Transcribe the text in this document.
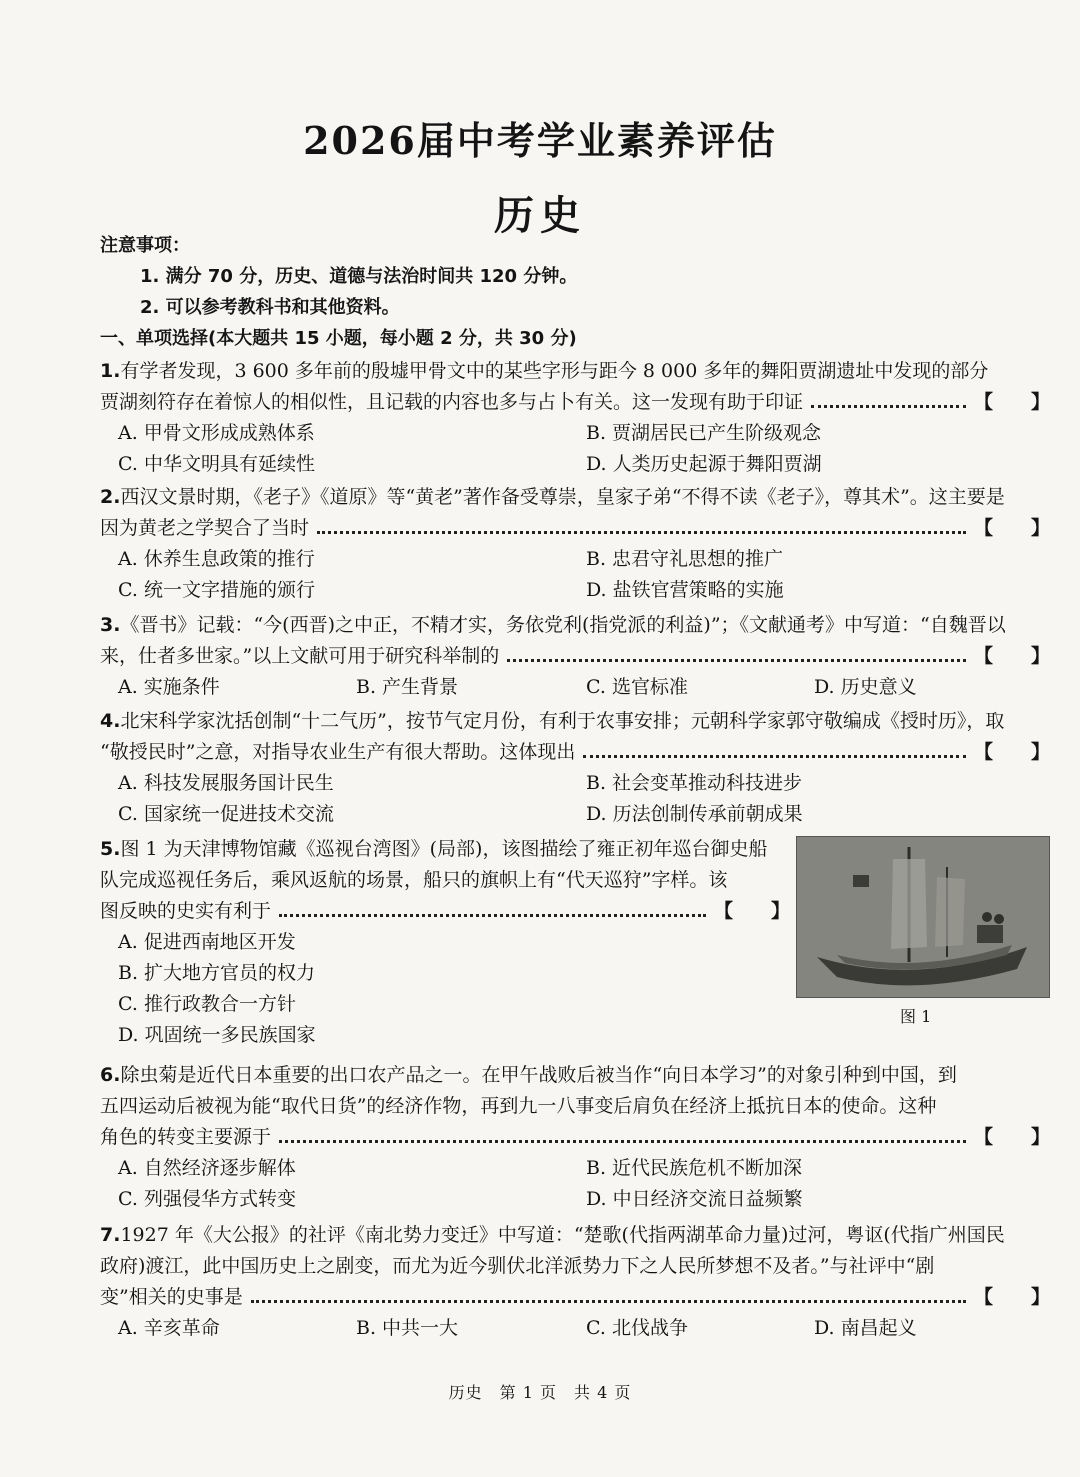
2026届中考学业素养评估
历史
注意事项：
1. 满分 70 分，历史、道德与法治时间共 120 分钟。
2. 可以参考教科书和其他资料。
一、单项选择(本大题共 15 小题，每小题 2 分，共 30 分)
1.有学者发现，3 600 多年前的殷墟甲骨文中的某些字形与距今 8 000 多年的舞阳贾湖遗址中发现的部分
贾湖刻符存在着惊人的相似性，且记载的内容也多与占卜有关。这一发现有助于印证	【　　】
A. 甲骨文形成成熟体系	B. 贾湖居民已产生阶级观念
C. 中华文明具有延续性	D. 人类历史起源于舞阳贾湖
2.西汉文景时期，《老子》《道原》等“黄老”著作备受尊崇，皇家子弟“不得不读《老子》，尊其术”。这主要是
因为黄老之学契合了当时	【　　】
A. 休养生息政策的推行	B. 忠君守礼思想的推广
C. 统一文字措施的颁行	D. 盐铁官营策略的实施
3.《晋书》记载：“今(西晋)之中正，不精才实，务依党利(指党派的利益)”；《文献通考》中写道：“自魏晋以
来，仕者多世家。”以上文献可用于研究科举制的	【　　】
A. 实施条件	B. 产生背景	C. 选官标准	D. 历史意义
4.北宋科学家沈括创制“十二气历”，按节气定月份，有利于农事安排；元朝科学家郭守敬编成《授时历》，取
“敬授民时”之意，对指导农业生产有很大帮助。这体现出	【　　】
A. 科技发展服务国计民生	B. 社会变革推动科技进步
C. 国家统一促进技术交流	D. 历法创制传承前朝成果
5.图 1 为天津博物馆藏《巡视台湾图》(局部)，该图描绘了雍正初年巡台御史船
队完成巡视任务后，乘风返航的场景，船只的旗帜上有“代天巡狩”字样。该
图反映的史实有利于	【　　】
A. 促进西南地区开发
B. 扩大地方官员的权力
C. 推行政教合一方针
D. 巩固统一多民族国家
图 1
6.除虫菊是近代日本重要的出口农产品之一。在甲午战败后被当作“向日本学习”的对象引种到中国，到
五四运动后被视为能“取代日货”的经济作物，再到九一八事变后肩负在经济上抵抗日本的使命。这种
角色的转变主要源于	【　　】
A. 自然经济逐步解体	B. 近代民族危机不断加深
C. 列强侵华方式转变	D. 中日经济交流日益频繁
7.1927 年《大公报》的社评《南北势力变迁》中写道：“楚歌(代指两湖革命力量)过河，粤讴(代指广州国民
政府)渡江，此中国历史上之剧变，而尤为近今驯伏北洋派势力下之人民所梦想不及者。”与社评中“剧
变”相关的史事是	【　　】
A. 辛亥革命	B. 中共一大	C. 北伐战争	D. 南昌起义
历史　第 1 页　共 4 页
